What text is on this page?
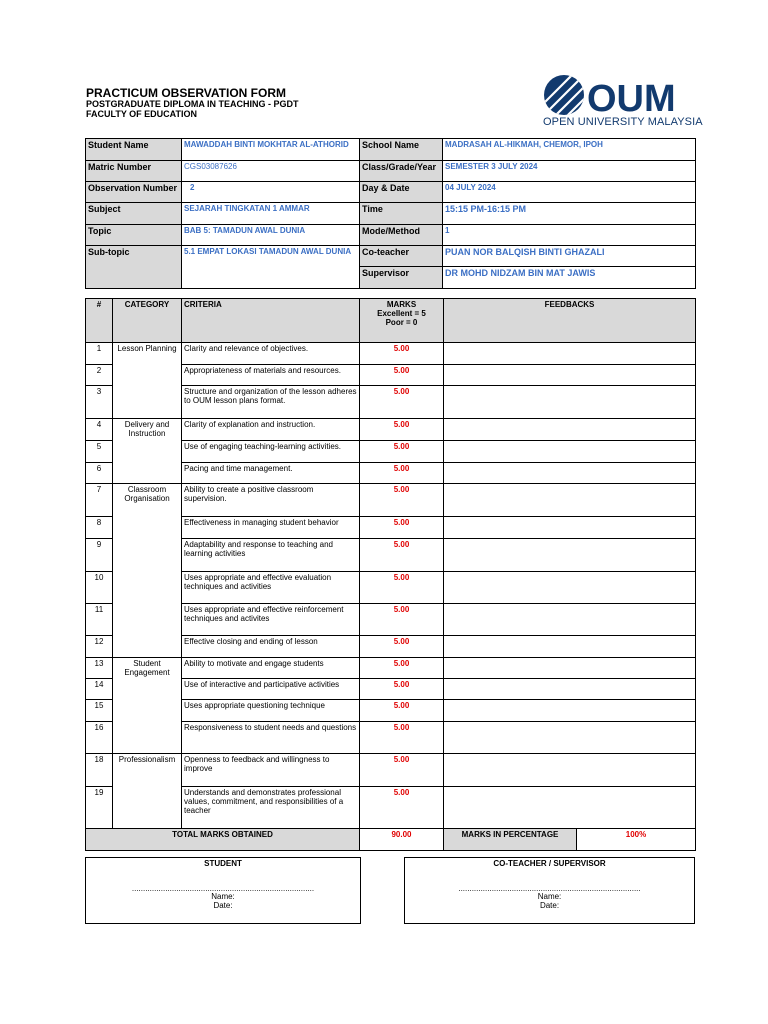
PRACTICUM OBSERVATION FORM
POSTGRADUATE DIPLOMA IN TEACHING - PGDT
FACULTY OF EDUCATION	OUM
OPEN UNIVERSITY MALAYSIA
Student Name	MAWADDAH BINTI MOKHTAR AL-ATHORID	School Name	MADRASAH AL-HIKMAH, CHEMOR, IPOH
Matric Number	CGS03087626	Class/Grade/Year	SEMESTER 3 JULY 2024
Observation Number	2	Day & Date	04 JULY 2024
Subject	SEJARAH TINGKATAN 1 AMMAR	Time	15:15 PM-16:15 PM
Topic	BAB 5: TAMADUN AWAL DUNIA	Mode/Method	1
Sub-topic	5.1 EMPAT LOKASI TAMADUN AWAL DUNIA	Co-teacher	PUAN NOR BALQISH BINTI GHAZALI
		Supervisor	DR MOHD NIDZAM BIN MAT JAWIS
#	CATEGORY	CRITERIA	MARKS
Excellent = 5
Poor = 0	FEEDBACKS
1	Lesson Planning	Clarity and relevance of objectives.	5.00	
2		Appropriateness of materials and resources.	5.00	
3		Structure and organization of the lesson adheres to OUM lesson plans format.	5.00	
4	Delivery and Instruction	Clarity of explanation and instruction.	5.00	
5		Use of engaging teaching-learning activities.	5.00	
6		Pacing and time management.	5.00	
7	Classroom Organisation	Ability to create a positive classroom supervision.	5.00	
8		Effectiveness in managing student behavior	5.00	
9		Adaptability and response to teaching and learning activities	5.00	
10		Uses appropriate and effective evaluation techniques and activities	5.00	
11		Uses appropriate and effective reinforcement techniques and activites	5.00	
12		Effective closing and ending of lesson	5.00	
13	Student Engagement	Ability to motivate and engage students	5.00	
14		Use of interactive and participative activities	5.00	
15		Uses appropriate questioning technique	5.00	
16		Responsiveness to student needs and questions	5.00	
18	Professionalism	Openness to feedback and willingness to improve	5.00	
19		Understands and demonstrates professional values, commitment, and responsibilities of a teacher	5.00	
TOTAL MARKS OBTAINED			90.00	MARKS IN PERCENTAGE 100%
STUDENT
..................................................................................
Name:
Date:
CO-TEACHER / SUPERVISOR
..................................................................................
Name:
Date:
